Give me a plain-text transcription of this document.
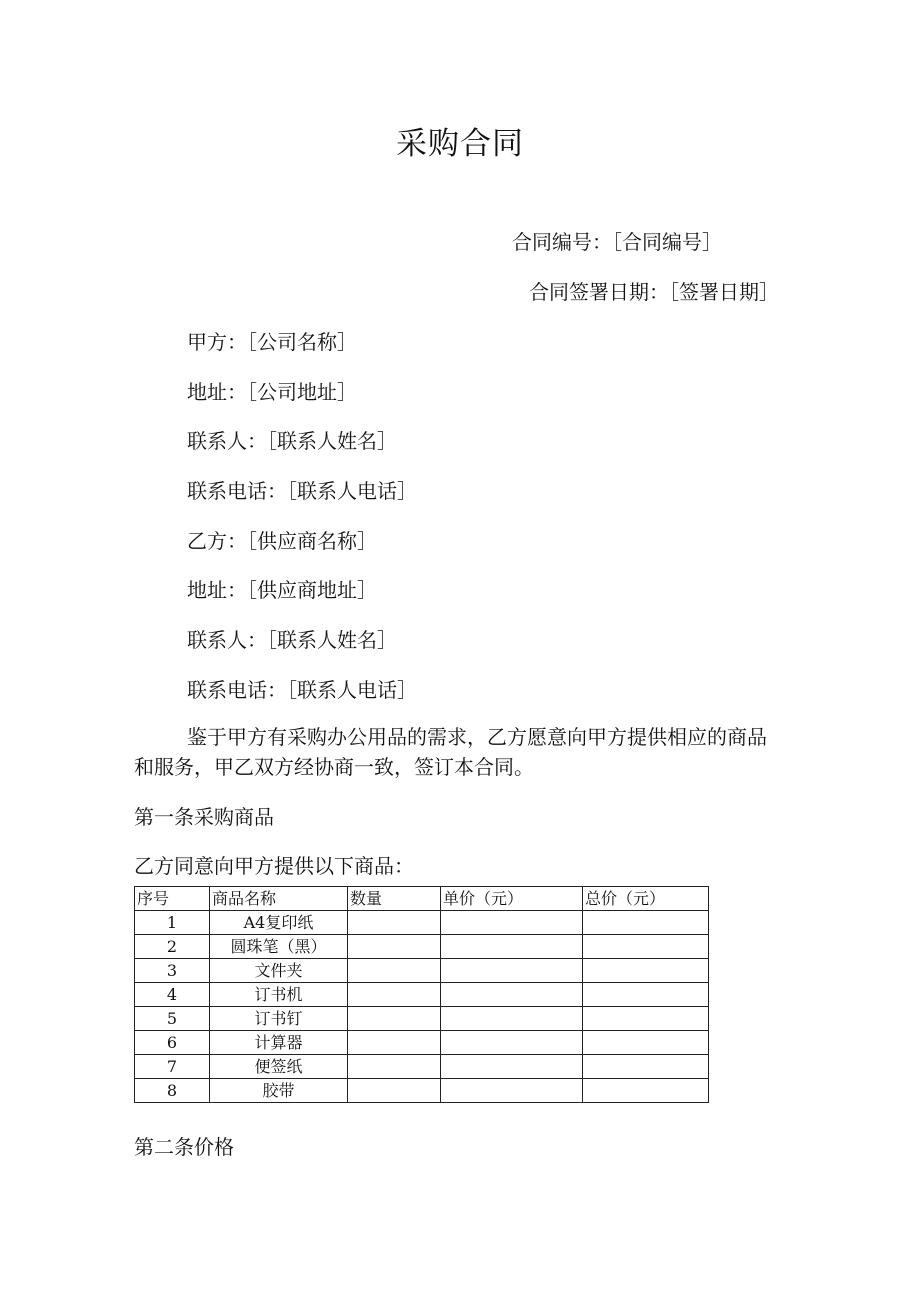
采购合同
合同编号：［合同编号］
合同签署日期：［签署日期］
甲方：［公司名称］
地址：［公司地址］
联系人：［联系人姓名］
联系电话：［联系人电话］
乙方：［供应商名称］
地址：［供应商地址］
联系人：［联系人姓名］
联系电话：［联系人电话］
鉴于甲方有采购办公用品的需求，乙方愿意向甲方提供相应的商品和服务，甲乙双方经协商一致，签订本合同。
第一条采购商品
乙方同意向甲方提供以下商品：
序号	商品名称	数量	单价（元）	总价（元）
1	A4复印纸			
2	圆珠笔（黑）			
3	文件夹			
4	订书机			
5	订书钉			
6	计算器			
7	便签纸			
8	胶带			
第二条价格
